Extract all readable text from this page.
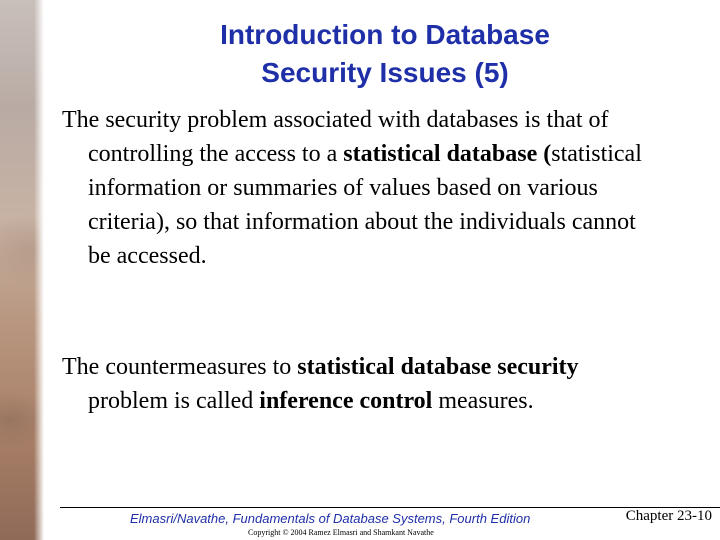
Introduction to Database
Security Issues (5)

The security problem associated with databases is that of controlling the access to a statistical database (statistical information or summaries of values based on various criteria), so that information about the individuals cannot be accessed.

The countermeasures to statistical database security problem is called inference control measures.

Elmasri/Navathe, Fundamentals of Database Systems, Fourth Edition	Chapter 23-10
Copyright © 2004 Ramez Elmasri and Shamkant Navathe
